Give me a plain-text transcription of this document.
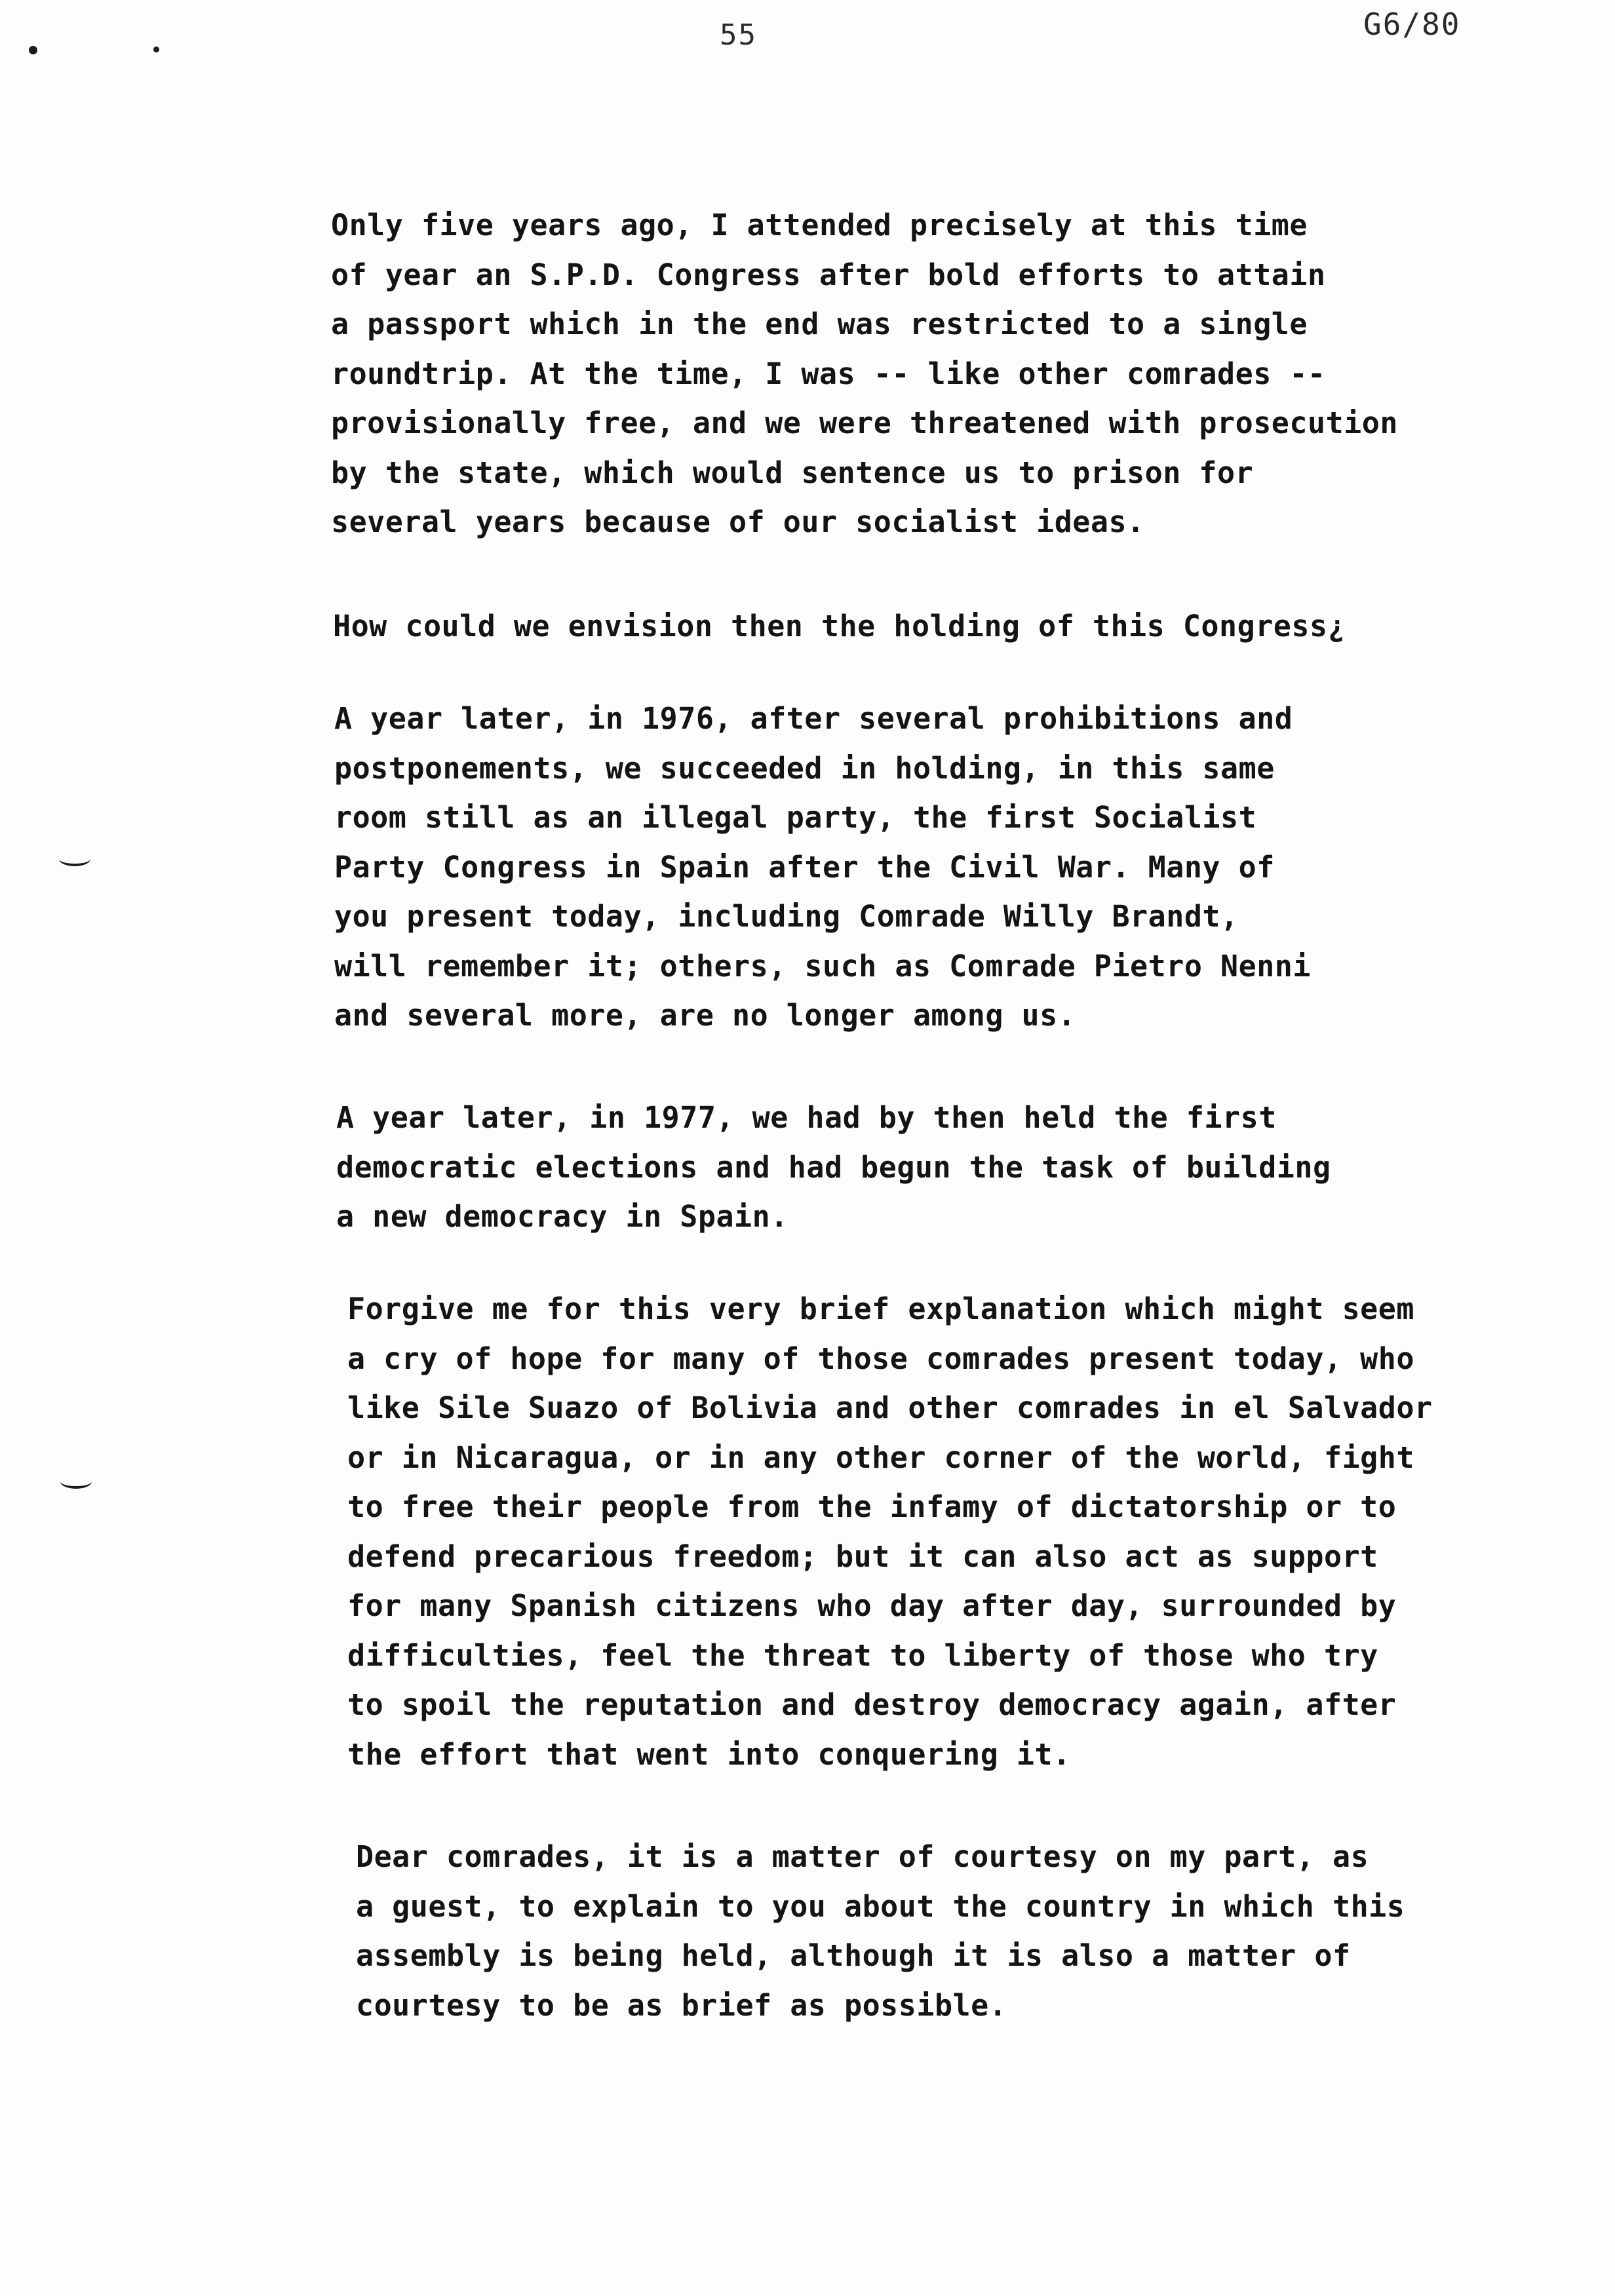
55	G6/80
Only five years ago, I attended precisely at this time
of year an S.P.D. Congress after bold efforts to attain
a passport which in the end was restricted to a single
roundtrip. At the time, I was -- like other comrades --
provisionally free, and we were threatened with prosecution
by the state, which would sentence us to prison for
several years because of our socialist ideas.
How could we envision then the holding of this Congress¿
A year later, in 1976, after several prohibitions and
postponements, we succeeded in holding, in this same
room still as an illegal party, the first Socialist
Party Congress in Spain after the Civil War. Many of
you present today, including Comrade Willy Brandt,
will remember it; others, such as Comrade Pietro Nenni
and several more, are no longer among us.
A year later, in 1977, we had by then held the first
democratic elections and had begun the task of building
a new democracy in Spain.
Forgive me for this very brief explanation which might seem
a cry of hope for many of those comrades present today, who
like Sile Suazo of Bolivia and other comrades in el Salvador
or in Nicaragua, or in any other corner of the world, fight
to free their people from the infamy of dictatorship or to
defend precarious freedom; but it can also act as support
for many Spanish citizens who day after day, surrounded by
difficulties, feel the threat to liberty of those who try
to spoil the reputation and destroy democracy again, after
the effort that went into conquering it.
Dear comrades, it is a matter of courtesy on my part, as
a guest, to explain to you about the country in which this
assembly is being held, although it is also a matter of
courtesy to be as brief as possible.
